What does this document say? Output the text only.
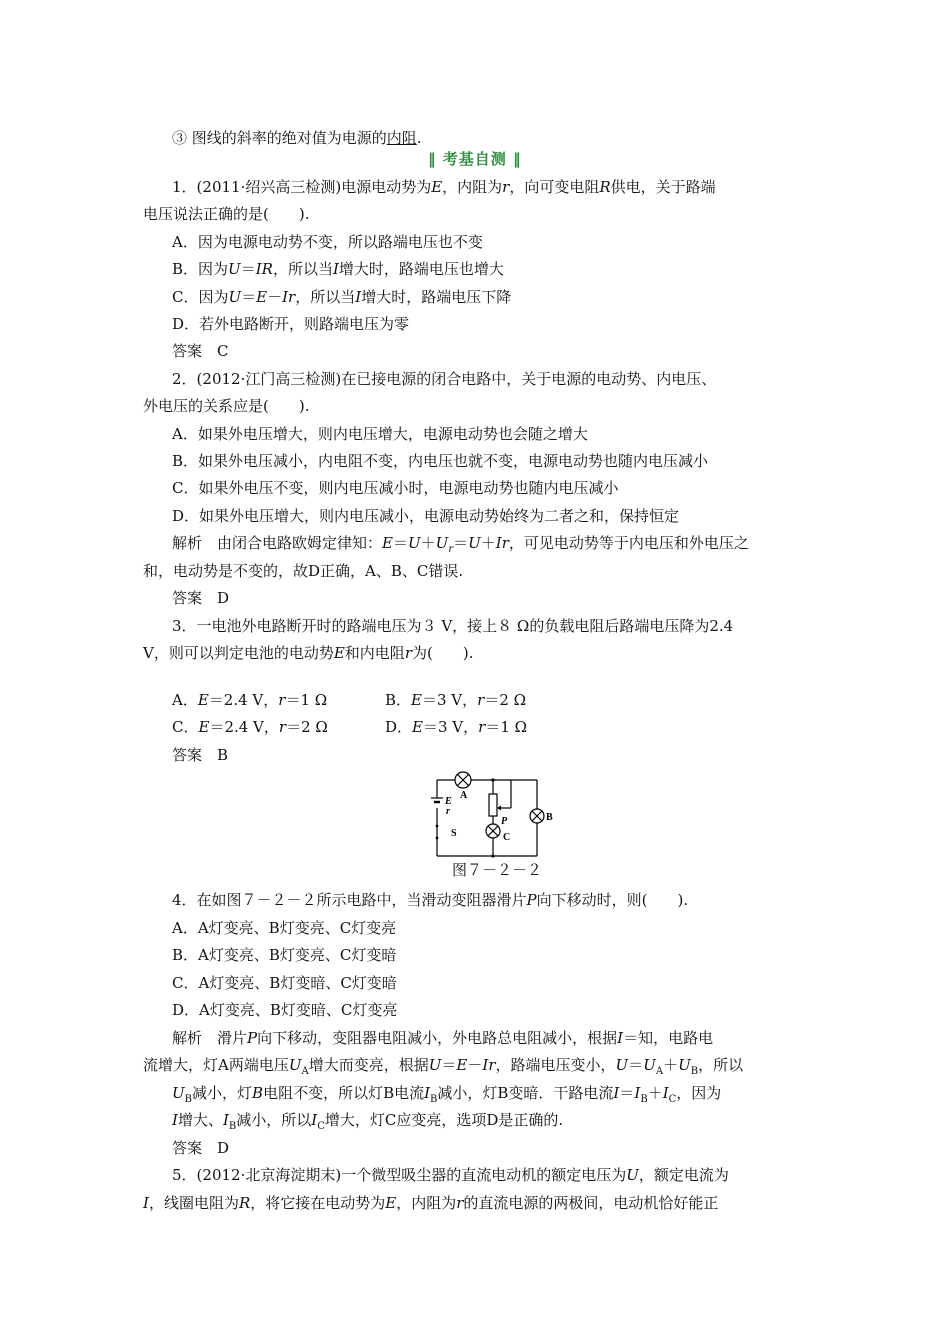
③ 图线的斜率的绝对值为电源的内阻.
1．(2011·绍兴高三检测)电源电动势为E，内阻为r，向可变电阻R供电，关于路端
电压说法正确的是(　　).
A．因为电源电动势不变，所以路端电压也不变
B．因为U＝IR，所以当I增大时，路端电压也增大
C．因为U＝E－Ir，所以当I增大时，路端电压下降
D．若外电路断开，则路端电压为零
答案　C
2．(2012·江门高三检测)在已接电源的闭合电路中，关于电源的电动势、内电压、
外电压的关系应是(　　).
A．如果外电压增大，则内电压增大，电源电动势也会随之增大
B．如果外电压减小，内电阻不变，内电压也就不变，电源电动势也随内电压减小
C．如果外电压不变，则内电压减小时，电源电动势也随内电压减小
D．如果外电压增大，则内电压减小，电源电动势始终为二者之和，保持恒定
解析　由闭合电路欧姆定律知：$E=U+U_r=U+Ir$，可见电动势等于内电压和外电压之
和，电动势是不变的，故D正确，A、B、C错误.
答案　D
3．一电池外电路断开时的路端电压为３ V，接上８ Ω的负载电阻后路端电压降为2.4
V，则可以判定电池的电动势E和内电阻r为(　　).
A．E＝2.4 V，r＝1 Ω	B．E＝3 V，r＝2 Ω
C．E＝2.4 V，r＝2 Ω	D．E＝3 V，r＝1 Ω
答案　B
4．在如图７－２－２所示电路中，当滑动变阻器滑片P向下移动时，则(　　).
A．A灯变亮、B灯变亮、C灯变亮
B．A灯变亮、B灯变亮、C灯变暗
C．A灯变亮、B灯变暗、C灯变暗
D．A灯变亮、B灯变暗、C灯变亮
解析　滑片P向下移动，变阻器电阻减小，外电路总电阻减小，根据I＝知，电路电
流增大，灯A两端电压$U_A$增大而变亮，根据U＝E－Ir，路端电压变小，$U=U_A+U_B$，所以
$U_B$减小，灯B电阻不变，所以灯B电流$I_B$减小，灯B变暗．干路电流$I=I_B+I_C$，因为
I增大、$I_B$减小，所以$I_C$增大，灯C应变亮，选项D是正确的.
答案　D
5．(2012·北京海淀期末)一个微型吸尘器的直流电动机的额定电压为U，额定电流为
I，线圈电阻为R，将它接在电动势为E，内阻为r的直流电源的两极间，电动机恰好能正
‖ 考基自测 ‖
A
E
r
P
S	C
B
图７－２－２
